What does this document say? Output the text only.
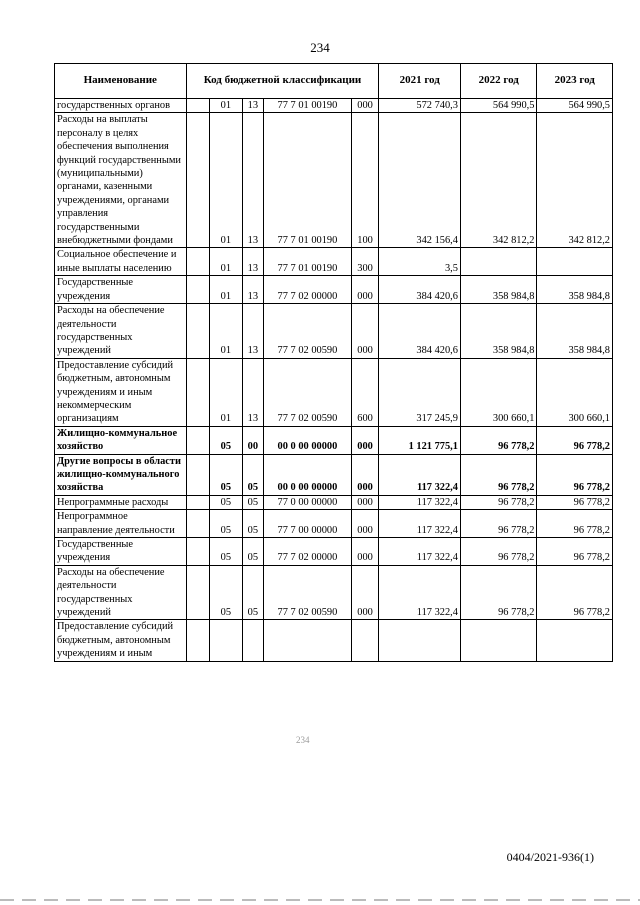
234
Наименование	Код бюджетной классификации					2021 год	2022 год	2023 год
государственных органов		01	13	77 7 01 00190	000	572 740,3	564 990,5	564 990,5
Расходы на выплаты персоналу в целях обеспечения выполнения функций государственными (муниципальными) органами, казенными учреждениями, органами управления государственными внебюджетными фондами		01	13	77 7 01 00190	100	342 156,4	342 812,2	342 812,2
Социальное обеспечение и иные выплаты населению		01	13	77 7 01 00190	300	3,5		
Государственные учреждения		01	13	77 7 02 00000	000	384 420,6	358 984,8	358 984,8
Расходы на обеспечение деятельности государственных учреждений		01	13	77 7 02 00590	000	384 420,6	358 984,8	358 984,8
Предоставление субсидий бюджетным, автономным учреждениям и иным некоммерческим организациям		01	13	77 7 02 00590	600	317 245,9	300 660,1	300 660,1
Жилищно-коммунальное хозяйство		05	00	00 0 00 00000	000	1 121 775,1	96 778,2	96 778,2
Другие вопросы в области жилищно-коммунального хозяйства		05	05	00 0 00 00000	000	117 322,4	96 778,2	96 778,2
Непрограммные расходы		05	05	77 0 00 00000	000	117 322,4	96 778,2	96 778,2
Непрограммное направление деятельности		05	05	77 7 00 00000	000	117 322,4	96 778,2	96 778,2
Государственные учреждения		05	05	77 7 02 00000	000	117 322,4	96 778,2	96 778,2
Расходы на обеспечение деятельности государственных учреждений		05	05	77 7 02 00590	000	117 322,4	96 778,2	96 778,2
Предоставление субсидий бюджетным, автономным учреждениям и иным								
234
0404/2021-936(1)
